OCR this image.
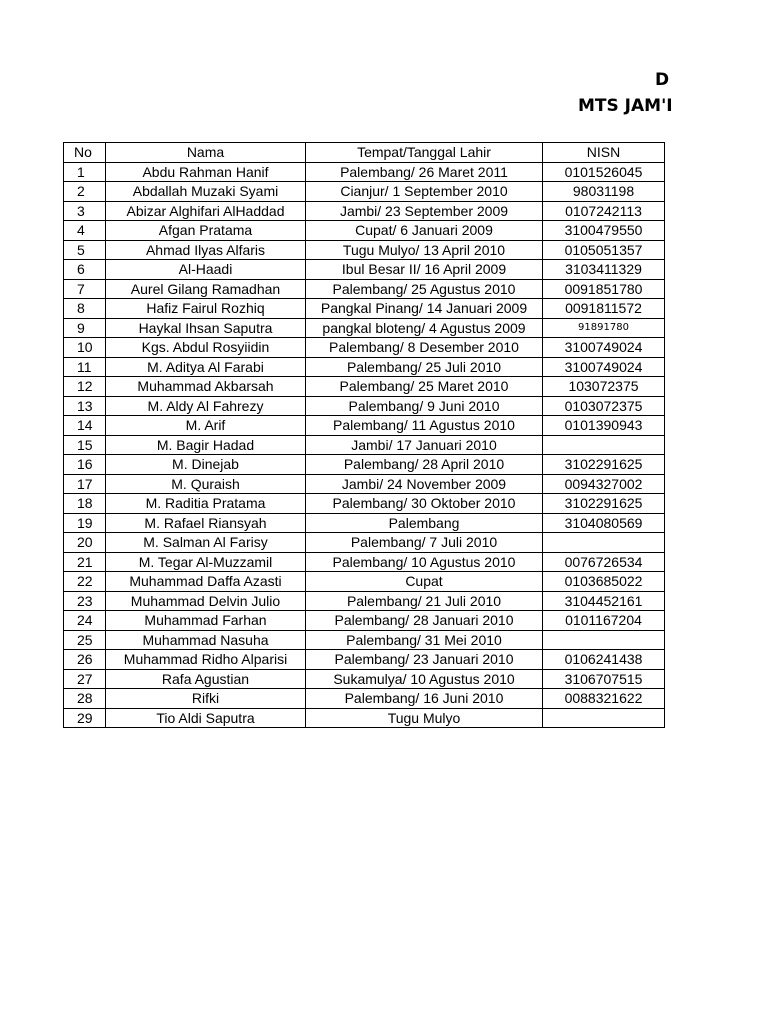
D
MTS JAM'I
No	Nama	Tempat/Tanggal Lahir	NISN
1	Abdu Rahman Hanif	Palembang/ 26 Maret 2011	0101526045
2	Abdallah Muzaki Syami	Cianjur/ 1 September 2010	98031198
3	Abizar Alghifari AlHaddad	Jambi/ 23 September 2009	0107242113
4	Afgan Pratama	Cupat/ 6 Januari 2009	3100479550
5	Ahmad Ilyas Alfaris	Tugu Mulyo/ 13 April 2010	0105051357
6	Al-Haadi	Ibul Besar II/ 16 April 2009	3103411329
7	Aurel Gilang Ramadhan	Palembang/ 25 Agustus 2010	0091851780
8	Hafiz Fairul Rozhiq	Pangkal Pinang/ 14 Januari 2009	0091811572
9	Haykal Ihsan Saputra	pangkal bloteng/ 4 Agustus 2009	91891780
10	Kgs. Abdul Rosyiidin	Palembang/ 8 Desember 2010	3100749024
11	M. Aditya Al Farabi	Palembang/ 25 Juli 2010	3100749024
12	Muhammad Akbarsah	Palembang/ 25 Maret 2010	103072375
13	M. Aldy Al Fahrezy	Palembang/ 9 Juni 2010	0103072375
14	M. Arif	Palembang/ 11 Agustus 2010	0101390943
15	M. Bagir Hadad	Jambi/ 17 Januari 2010	
16	M. Dinejab	Palembang/ 28 April 2010	3102291625
17	M. Quraish	Jambi/ 24 November 2009	0094327002
18	M. Raditia Pratama	Palembang/ 30 Oktober 2010	3102291625
19	M. Rafael Riansyah	Palembang	3104080569
20	M. Salman Al Farisy	Palembang/ 7 Juli 2010	
21	M. Tegar Al-Muzzamil	Palembang/ 10 Agustus 2010	0076726534
22	Muhammad Daffa Azasti	Cupat	0103685022
23	Muhammad Delvin Julio	Palembang/ 21 Juli 2010	3104452161
24	Muhammad Farhan	Palembang/ 28 Januari 2010	0101167204
25	Muhammad Nasuha	Palembang/ 31 Mei 2010	
26	Muhammad Ridho Alparisi	Palembang/ 23 Januari 2010	0106241438
27	Rafa Agustian	Sukamulya/ 10 Agustus 2010	3106707515
28	Rifki	Palembang/ 16 Juni 2010	0088321622
29	Tio Aldi Saputra	Tugu Mulyo	
